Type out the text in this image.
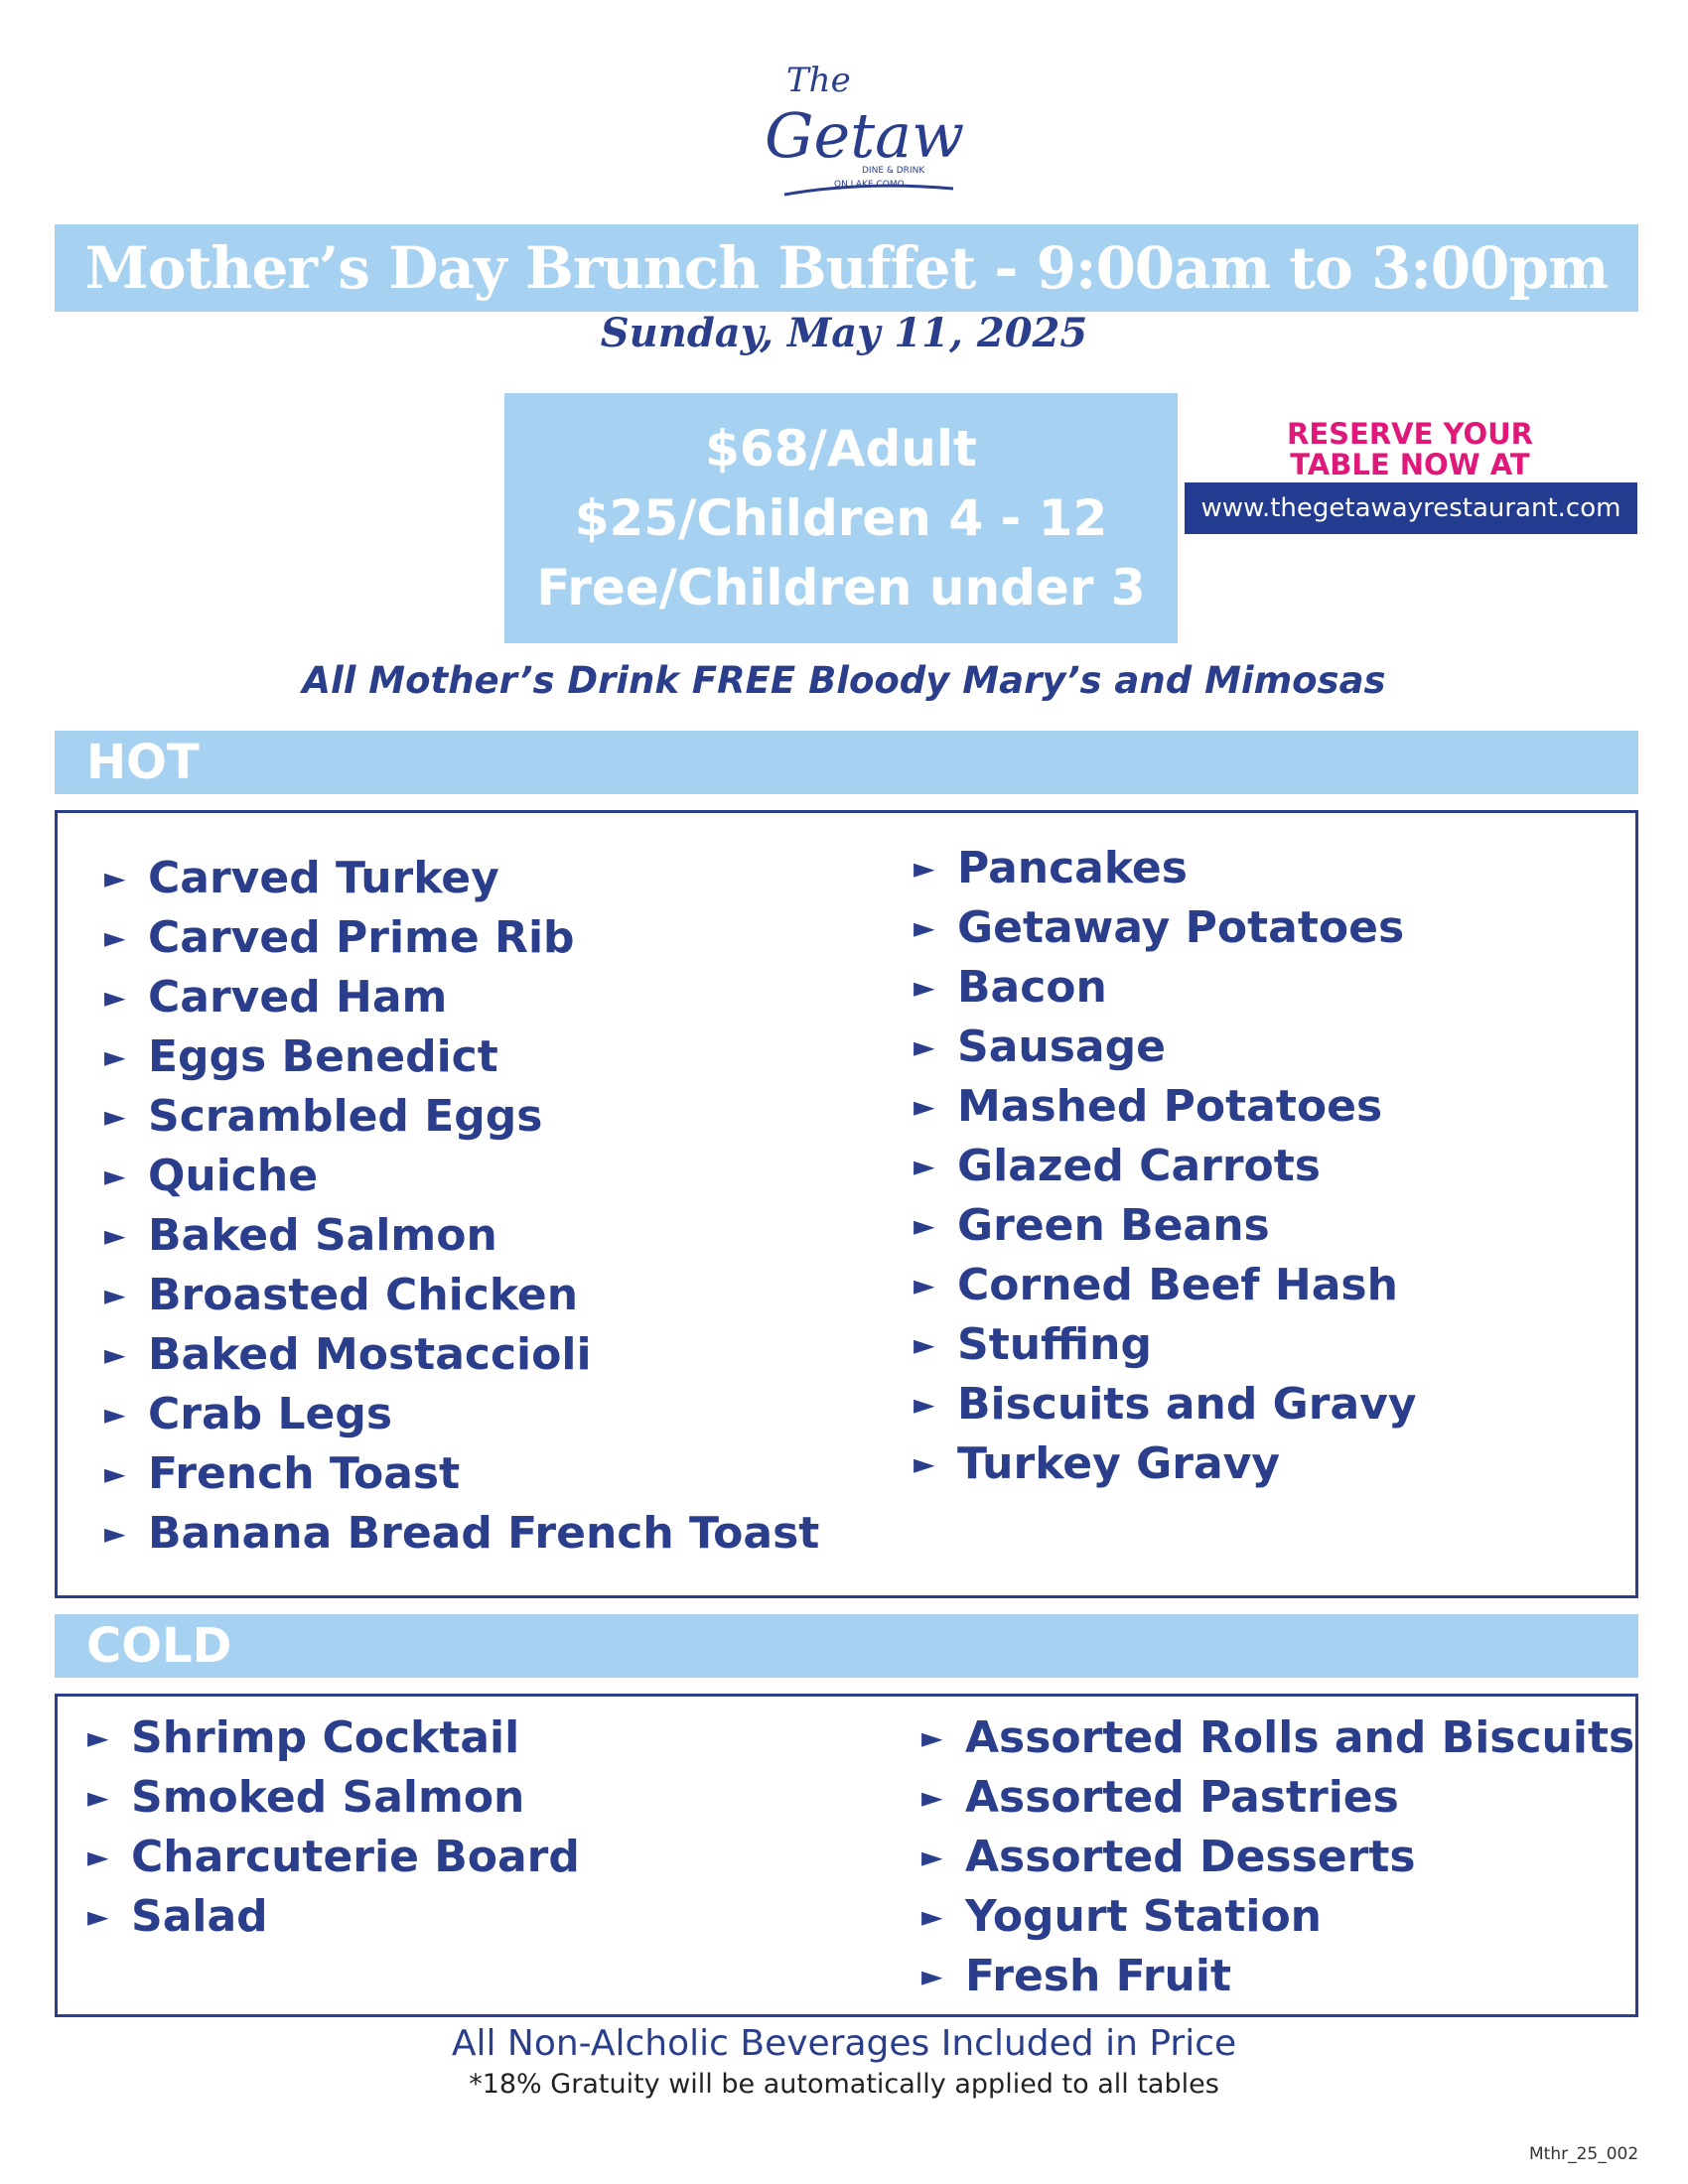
The
Getaw
DINE & DRINK
ON LAKE COMO
Mother’s Day Brunch Buffet - 9:00am to 3:00pm
Sunday, May 11, 2025
$68/Adult
$25/Children 4 - 12
Free/Children under 3
RESERVE YOUR
TABLE NOW AT
www.thegetawayrestaurant.com
All Mother’s Drink FREE Bloody Mary’s and Mimosas
HOT
► Carved Turkey
► Carved Prime Rib
► Carved Ham
► Eggs Benedict
► Scrambled Eggs
► Quiche
► Baked Salmon
► Broasted Chicken
► Baked Mostaccioli
► Crab Legs
► French Toast
► Banana Bread French Toast
► Pancakes
► Getaway Potatoes
► Bacon
► Sausage
► Mashed Potatoes
► Glazed Carrots
► Green Beans
► Corned Beef Hash
► Stuffing
► Biscuits and Gravy
► Turkey Gravy
COLD
► Shrimp Cocktail
► Smoked Salmon
► Charcuterie Board
► Salad
► Assorted Rolls and Biscuits
► Assorted Pastries
► Assorted Desserts
► Yogurt Station
► Fresh Fruit
All Non-Alcholic Beverages Included in Price
*18% Gratuity will be automatically applied to all tables
Mthr_25_002
